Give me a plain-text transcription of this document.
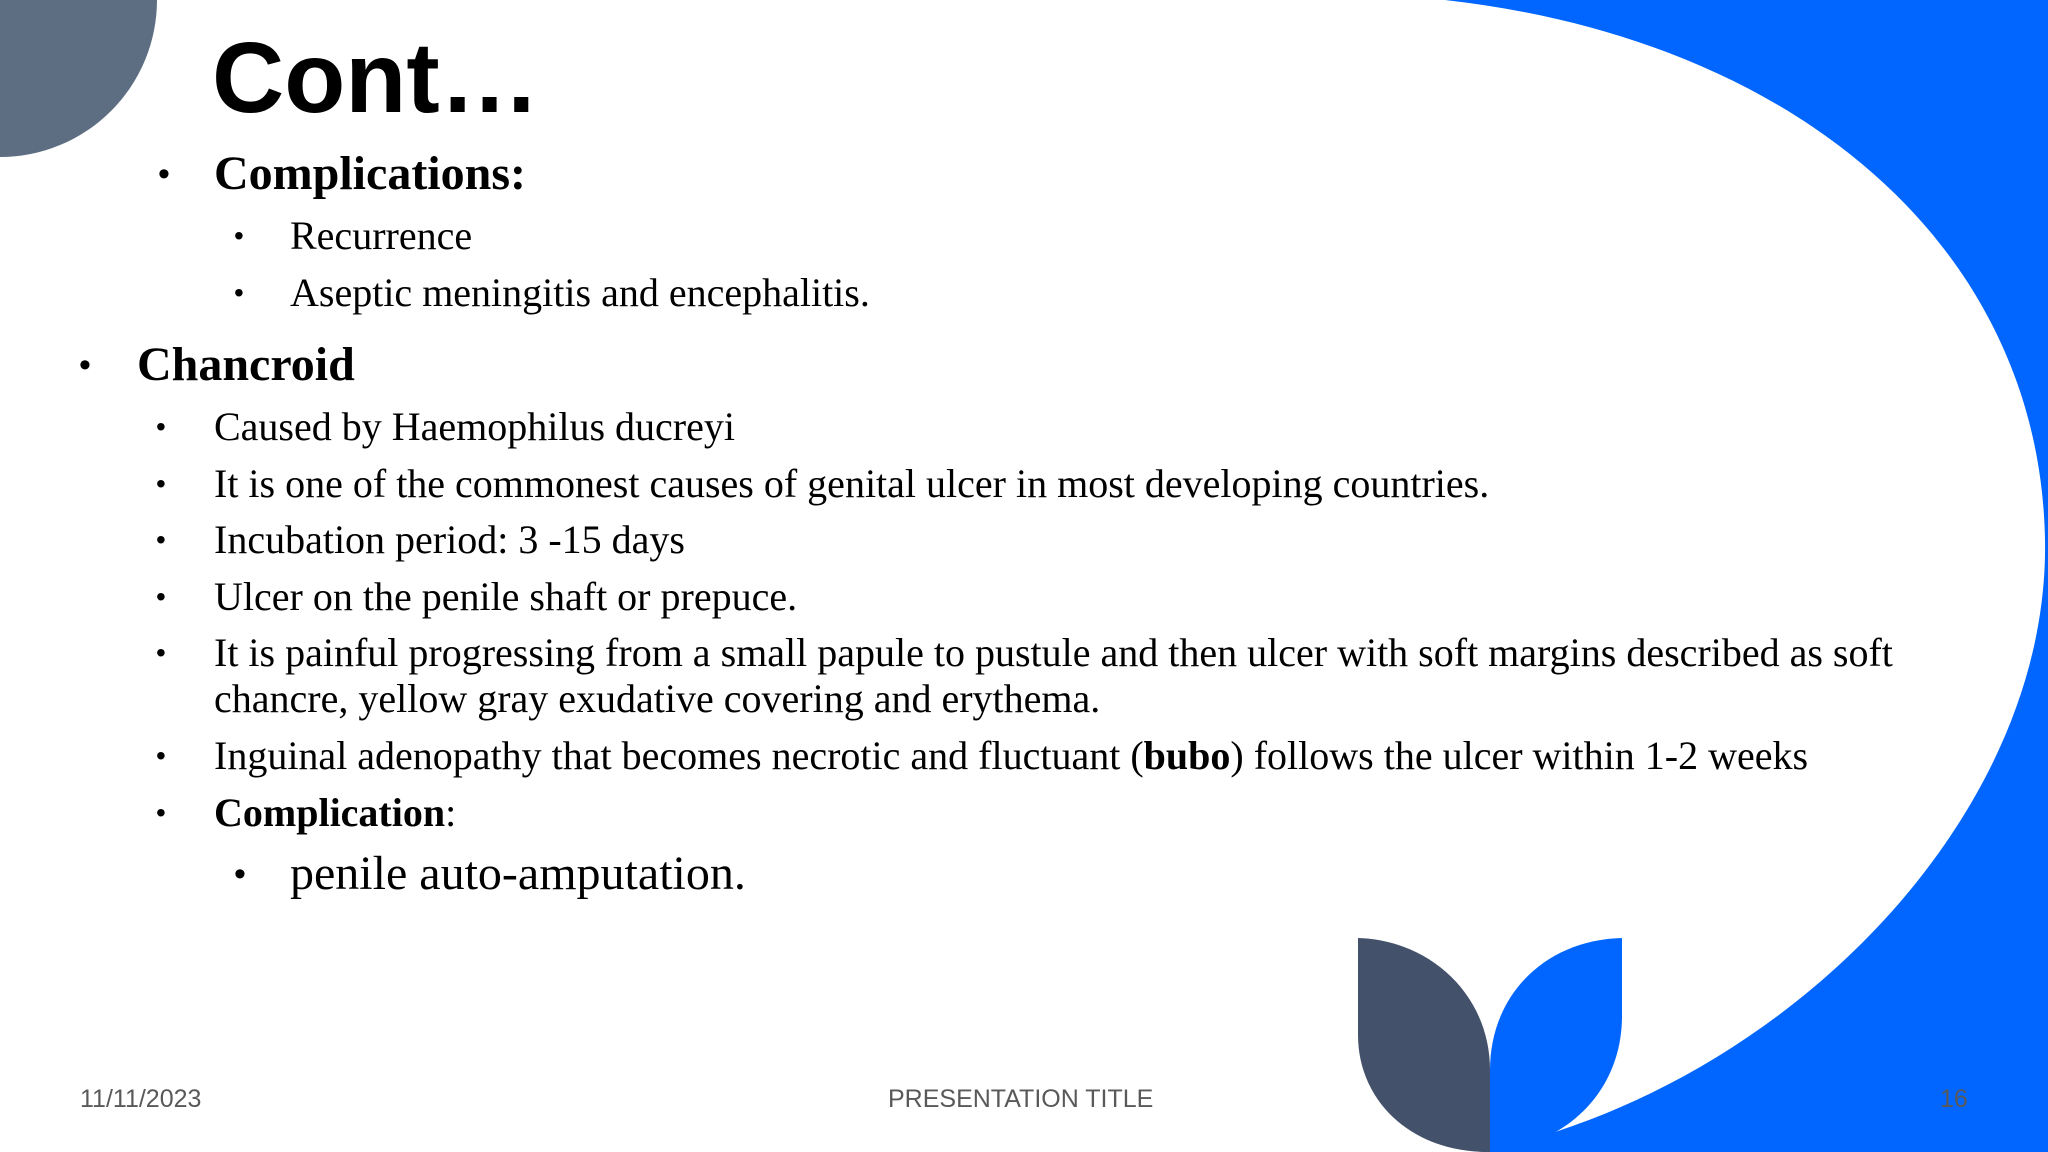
Cont…
• Complications:
• Recurrence
• Aseptic meningitis and encephalitis.
• Chancroid
• Caused by Haemophilus ducreyi
• It is one of the commonest causes of genital ulcer in most developing countries.
• Incubation period: 3 -15 days
• Ulcer on the penile shaft or prepuce.
• It is painful progressing from a small papule to pustule and then ulcer with soft margins described as soft chancre, yellow gray exudative covering and erythema.
• Inguinal adenopathy that becomes necrotic and fluctuant (bubo) follows the ulcer within 1-2 weeks
• Complication:
• penile auto-amputation.

11/11/2023	PRESENTATION TITLE	16
